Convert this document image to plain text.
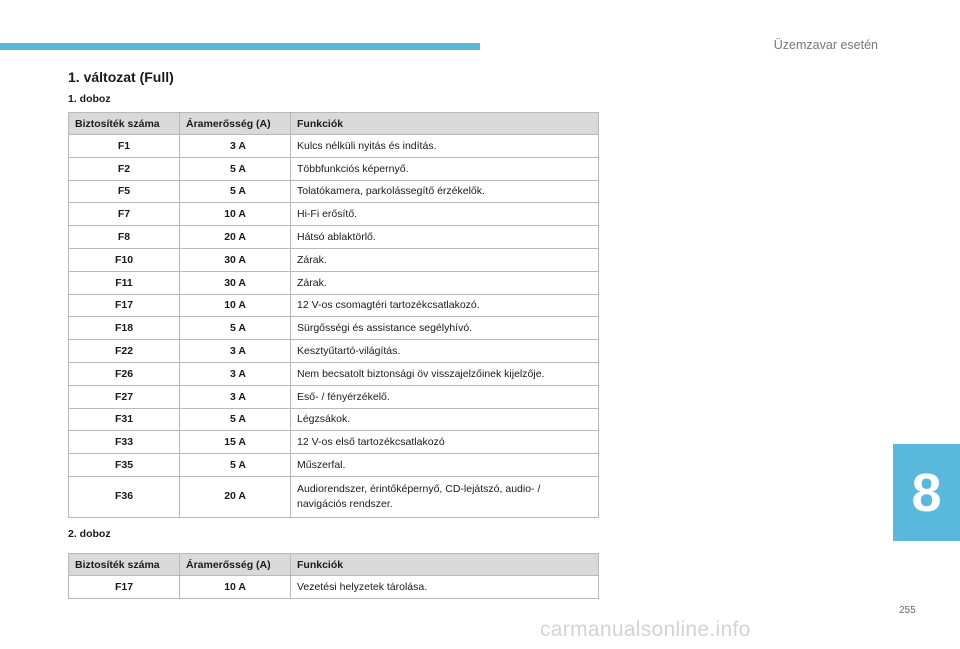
Üzemzavar esetén
1. változat (Full)
1. doboz
Biztosíték száma	Áramerősség (A)	Funkciók
F1	3 A	Kulcs nélküli nyitás és indítás.
F2	5 A	Többfunkciós képernyő.
F5	5 A	Tolatókamera, parkolássegítő érzékelők.
F7	10 A	Hi-Fi erősítő.
F8	20 A	Hátsó ablaktörlő.
F10	30 A	Zárak.
F11	30 A	Zárak.
F17	10 A	12 V-os csomagtéri tartozékcsatlakozó.
F18	5 A	Sürgősségi és assistance segélyhívó.
F22	3 A	Kesztyűtartó-világítás.
F26	3 A	Nem becsatolt biztonsági öv visszajelzőinek kijelzője.
F27	3 A	Eső- / fényérzékelő.
F31	5 A	Légzsákok.
F33	15 A	12 V-os első tartozékcsatlakozó
F35	5 A	Műszerfal.
F36	20 A	Audiorendszer, érintőképernyő, CD-lejátszó, audio- / navigációs rendszer.
2. doboz
Biztosíték száma	Áramerősség (A)	Funkciók
F17	10 A	Vezetési helyzetek tárolása.
8
255
carmanualsonline.info
